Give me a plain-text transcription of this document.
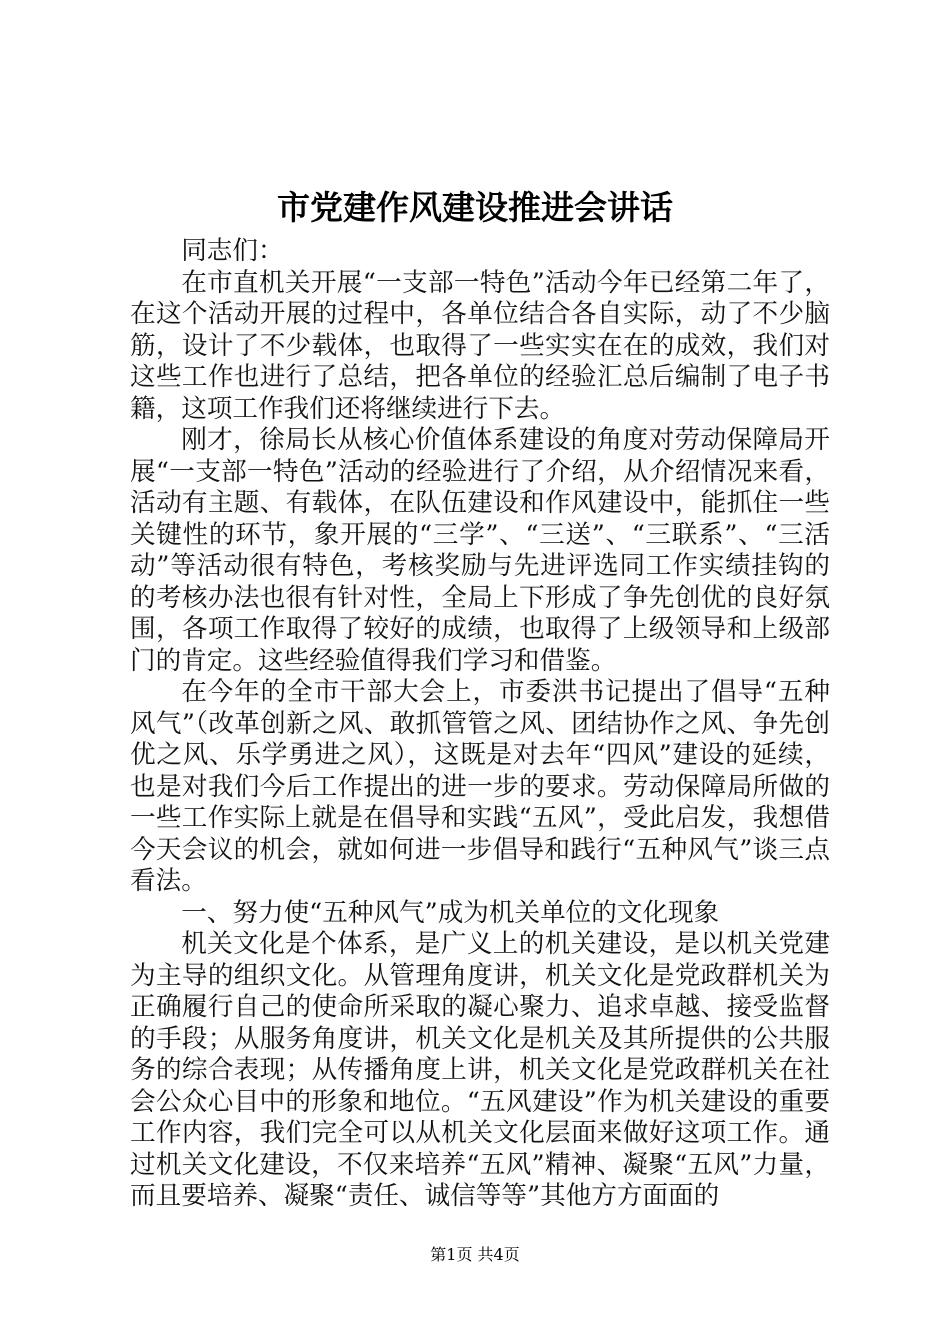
市党建作风建设推进会讲话

同志们：

在市直机关开展“一支部一特色”活动今年已经第二年了，在这个活动开展的过程中，各单位结合各自实际，动了不少脑筋，设计了不少载体，也取得了一些实实在在的成效，我们对这些工作也进行了总结，把各单位的经验汇总后编制了电子书籍，这项工作我们还将继续进行下去。

刚才，徐局长从核心价值体系建设的角度对劳动保障局开展“一支部一特色”活动的经验进行了介绍，从介绍情况来看，活动有主题、有载体，在队伍建设和作风建设中，能抓住一些关键性的环节，象开展的“三学”、“三送”、“三联系”、“三活动”等活动很有特色，考核奖励与先进评选同工作实绩挂钩的的考核办法也很有针对性，全局上下形成了争先创优的良好氛围，各项工作取得了较好的成绩，也取得了上级领导和上级部门的肯定。这些经验值得我们学习和借鉴。

在今年的全市干部大会上，市委洪书记提出了倡导“五种风气”（改革创新之风、敢抓管管之风、团结协作之风、争先创优之风、乐学勇进之风），这既是对去年“四风”建设的延续，也是对我们今后工作提出的进一步的要求。劳动保障局所做的一些工作实际上就是在倡导和实践“五风”，受此启发，我想借今天会议的机会，就如何进一步倡导和践行“五种风气”谈三点看法。

一、努力使“五种风气”成为机关单位的文化现象

机关文化是个体系，是广义上的机关建设，是以机关党建为主导的组织文化。从管理角度讲，机关文化是党政群机关为正确履行自己的使命所采取的凝心聚力、追求卓越、接受监督的手段；从服务角度讲，机关文化是机关及其所提供的公共服务的综合表现；从传播角度上讲，机关文化是党政群机关在社会公众心目中的形象和地位。“五风建设”作为机关建设的重要工作内容，我们完全可以从机关文化层面来做好这项工作。通过机关文化建设，不仅来培养“五风”精神、凝聚“五风”力量，而且要培养、凝聚“责任、诚信等等”其他方方面面的

第1页 共4页
